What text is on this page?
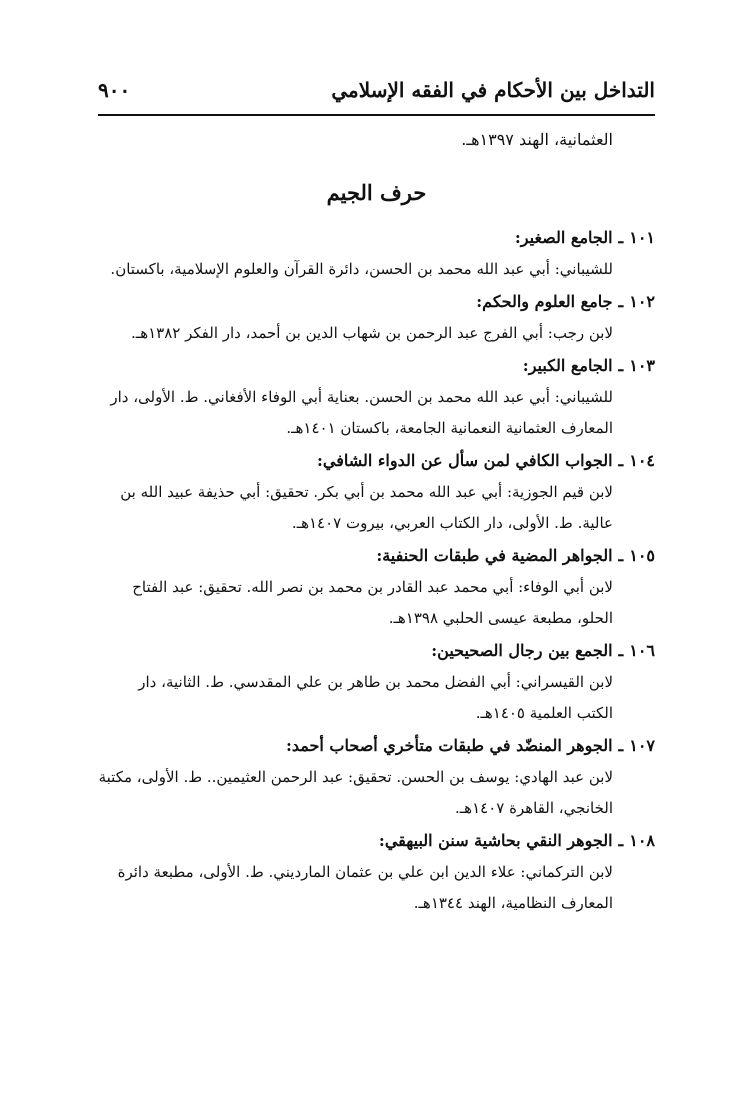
التداخل بين الأحكام في الفقه الإسلامي
٩٠٠

العثمانية، الهند ١٣٩٧هـ.

حرف الجيم

١٠١ـالجامع الصغير:

للشيباني: أبي عبد الله محمد بن الحسن، دائرة القرآن والعلوم الإسلامية، باكستان.

١٠٢ـجامع العلوم والحكم:

لابن رجب: أبي الفرج عبد الرحمن بن شهاب الدين بن أحمد، دار الفكر ١٣٨٢هـ.

١٠٣ـالجامع الكبير:

للشيباني: أبي عبد الله محمد بن الحسن. بعناية أبي الوفاء الأفغاني. ط. الأولى، دار المعارف العثمانية النعمانية الجامعة، باكستان ١٤٠١هـ.

١٠٤ـالجواب الكافي لمن سأل عن الدواء الشافي:

لابن قيم الجوزية: أبي عبد الله محمد بن أبي بكر. تحقيق: أبي حذيفة عبيد الله بن عالية. ط. الأولى، دار الكتاب العربي، بيروت ١٤٠٧هـ.

١٠٥ـالجواهر المضية في طبقات الحنفية:

لابن أبي الوفاء: أبي محمد عبد القادر بن محمد بن نصر الله. تحقيق: عبد الفتاح الحلو، مطبعة عيسى الحلبي ١٣٩٨هـ.

١٠٦ـالجمع بين رجال الصحيحين:

لابن القيسراني: أبي الفضل محمد بن طاهر بن علي المقدسي. ط. الثانية، دار الكتب العلمية ١٤٠٥هـ.

١٠٧ـالجوهر المنضّد في طبقات متأخري أصحاب أحمد:

لابن عبد الهادي: يوسف بن الحسن. تحقيق: عبد الرحمن العثيمين.. ط. الأولى، مكتبة الخانجي، القاهرة ١٤٠٧هـ.

١٠٨ـالجوهر النقي بحاشية سنن البيهقي:

لابن التركماني: علاء الدين ابن علي بن عثمان المارديني. ط. الأولى، مطبعة دائرة المعارف النظامية، الهند ١٣٤٤هـ.
